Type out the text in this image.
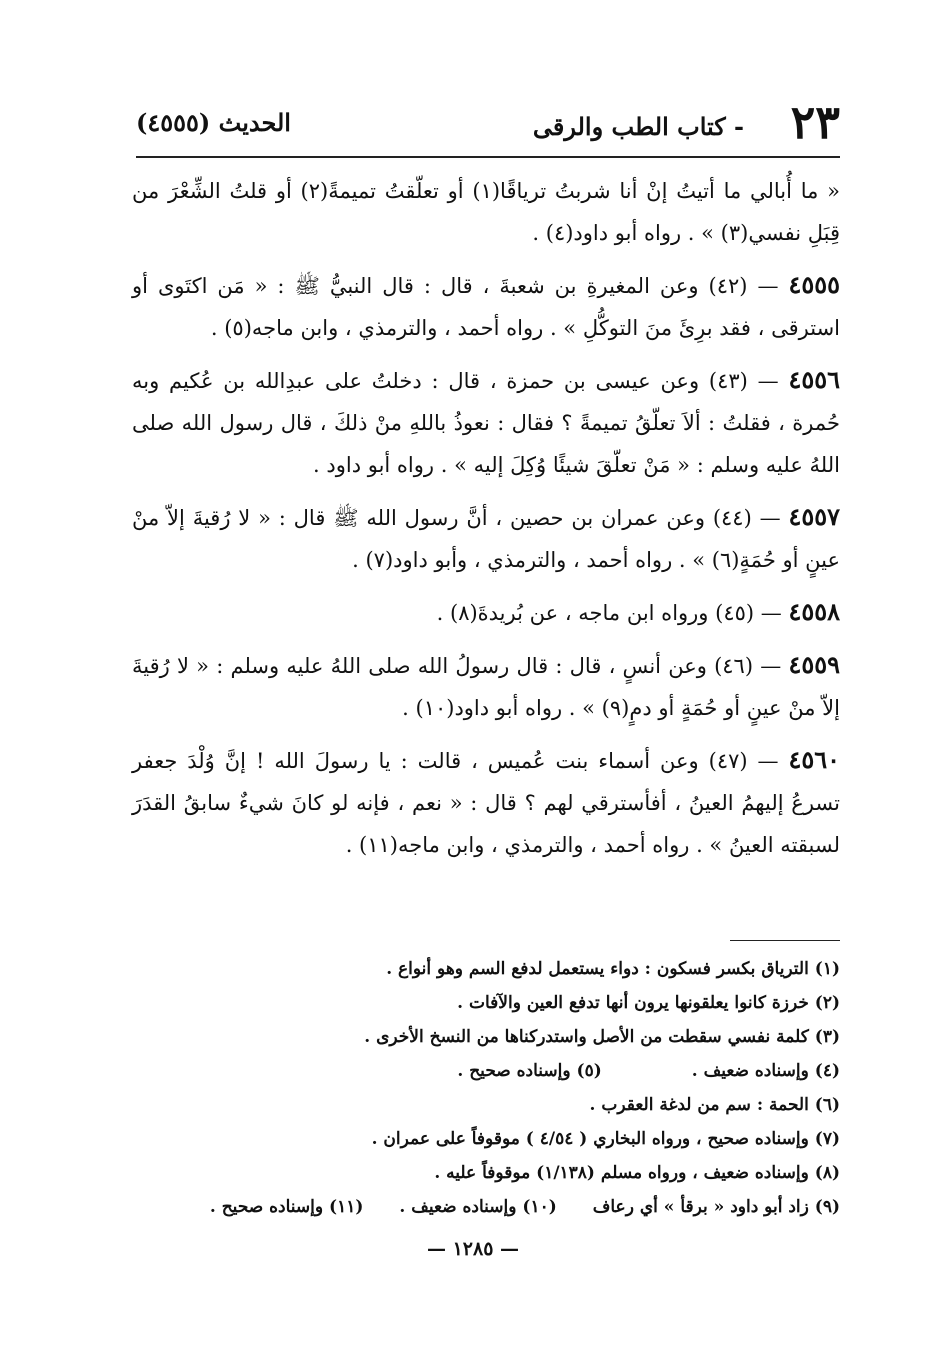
٢٣
- كتاب الطب والرقى
الحديث (٤٥٥٥)

« ما أُبالي ما أتيتُ إنْ أنا شربتُ ترياقًا(١) أو تعلّقتُ تميمةً(٢) أو قلتُ الشِّعْرَ من قِبَلِ نفسي(٣) » . رواه أبو داود(٤) .

٤٥٥٥ — (٤٢) وعن المغيرةِ بن شعبةَ ، قال : قال النبيُّ ﷺ : « مَن اكتَوى أو استرقى ، فقد برِئَ منَ التوكُّلِ » . رواه أحمد ، والترمذي ، وابن ماجه(٥) .

٤٥٥٦ — (٤٣) وعن عيسى بن حمزة ، قال : دخلتُ على عبدِالله بن عُكيم وبه حُمرة ، فقلتُ : ألاَ تعلّقُ تميمةً ؟ فقال : نعوذُ باللهِ منْ ذلكَ ، قال رسول الله صلى اللهُ عليه وسلم : « مَنْ تعلّقَ شيئًا وُكِلَ إليه » . رواه أبو داود .

٤٥٥٧ — (٤٤) وعن عمران بن حصين ، أنَّ رسول الله ﷺ قال : « لا رُقيةَ إلاّ منْ عينٍ أو حُمَةٍ(٦) » . رواه أحمد ، والترمذي ، وأبو داود(٧) .

٤٥٥٨ — (٤٥) ورواه ابن ماجه ، عن بُريدةَ(٨) .

٤٥٥٩ — (٤٦) وعن أنسٍ ، قال : قال رسولُ الله صلى اللهُ عليه وسلم : « لا رُقيةَ إلاّ منْ عينٍ أو حُمَةٍ أو دمٍ(٩) » . رواه أبو داود(١٠) .

٤٥٦٠ — (٤٧) وعن أسماء بنت عُميس ، قالت : يا رسولَ الله ! إنَّ وُلْدَ جعفر تسرعُ إليهمُ العينُ ، أفأسترقي لهم ؟ قال : « نعم ، فإنه لو كانَ شيءٌ سابقُ القدَرَ لسبقته العينُ » . رواه أحمد ، والترمذي ، وابن ماجه(١١) .

(١) الترياق بكسر فسكون : دواء يستعمل لدفع السم وهو أنواع .
(٢) خرزة كانوا يعلقونها يرون أنها تدفع العين والآفات .
(٣) كلمة نفسي سقطت من الأصل واستدركناها من النسخ الأخرى .
(٤) وإسناده ضعيف .(٥) وإسناده صحيح .
(٦) الحمة : سم من لدغة العقرب .
(٧) وإسناده صحيح ، ورواه البخاري ( ٤/٥٤ ) موقوفاً على عمران .
(٨) وإسناده ضعيف ، ورواه مسلم (١/١٣٨) موقوفاً عليه .
(٩) زاد أبو داود « برقأ » أي رعاف(١٠) وإسناده ضعيف .(١١) وإسناده صحيح .
— ١٢٨٥ —
